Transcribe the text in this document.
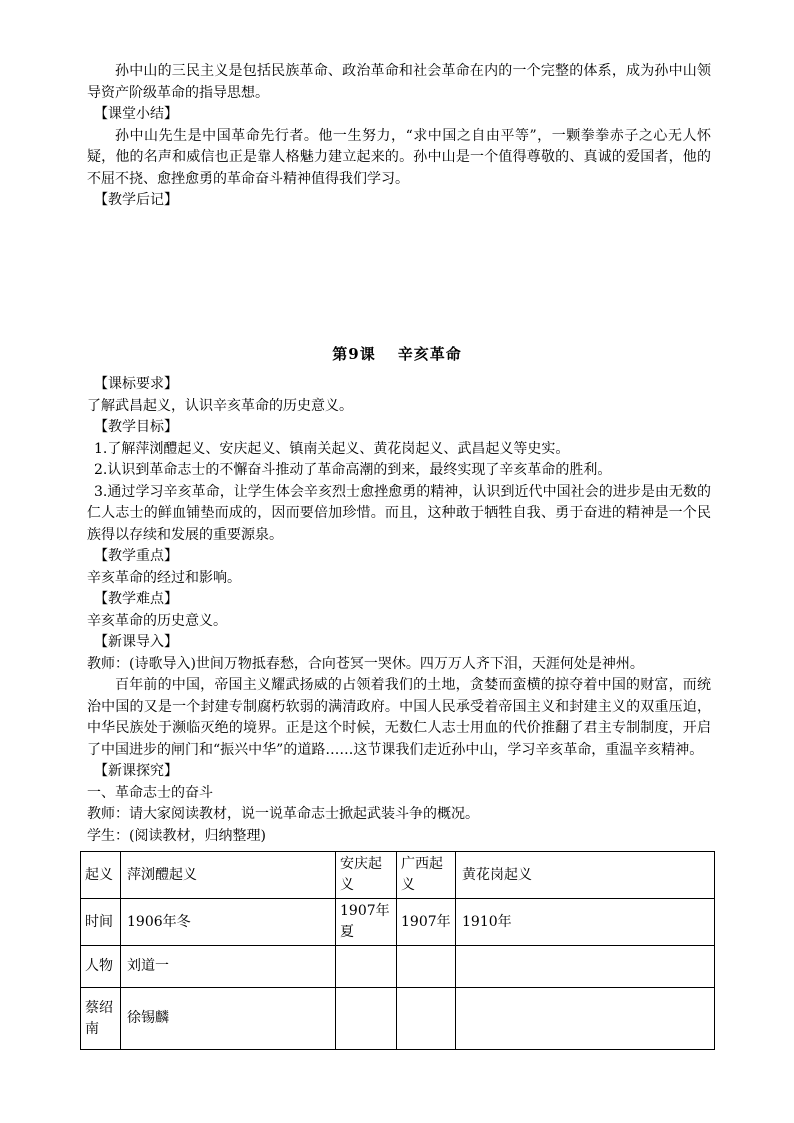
孙中山的三民主义是包括民族革命、政治革命和社会革命在内的一个完整的体系，成为孙中山领导资产阶级革命的指导思想。

【课堂小结】

孙中山先生是中国革命先行者。他一生努力，“求中国之自由平等”，一颗拳拳赤子之心无人怀疑，他的名声和威信也正是靠人格魅力建立起来的。孙中山是一个值得尊敬的、真诚的爱国者，他的不屈不挠、愈挫愈勇的革命奋斗精神值得我们学习。

【教学后记】

第9课 辛亥革命

【课标要求】

了解武昌起义，认识辛亥革命的历史意义。

【教学目标】

1.了解萍浏醴起义、安庆起义、镇南关起义、黄花岗起义、武昌起义等史实。

2.认识到革命志士的不懈奋斗推动了革命高潮的到来，最终实现了辛亥革命的胜利。

3.通过学习辛亥革命，让学生体会辛亥烈士愈挫愈勇的精神，认识到近代中国社会的进步是由无数的仁人志士的鲜血铺垫而成的，因而要倍加珍惜。而且，这种敢于牺牲自我、勇于奋进的精神是一个民族得以存续和发展的重要源泉。

【教学重点】

辛亥革命的经过和影响。

【教学难点】

辛亥革命的历史意义。

【新课导入】

教师：(诗歌导入)世间万物抵春愁，合向苍冥一哭休。四万万人齐下泪，天涯何处是神州。

百年前的中国，帝国主义耀武扬威的占领着我们的土地，贪婪而蛮横的掠夺着中国的财富，而统治中国的又是一个封建专制腐朽软弱的满清政府。中国人民承受着帝国主义和封建主义的双重压迫，中华民族处于濒临灭绝的境界。正是这个时候，无数仁人志士用血的代价推翻了君主专制制度，开启了中国进步的闸门和“振兴中华”的道路……这节课我们走近孙中山，学习辛亥革命，重温辛亥精神。

【新课探究】

一、革命志士的奋斗

教师：请大家阅读教材，说一说革命志士掀起武装斗争的概况。

学生：(阅读教材，归纳整理)

起义	萍浏醴起义	安庆起义	广西起义	黄花岗起义
时间	1906年冬	1907年夏	1907年	1910年
人物	刘道一			
蔡绍南	徐锡麟			
